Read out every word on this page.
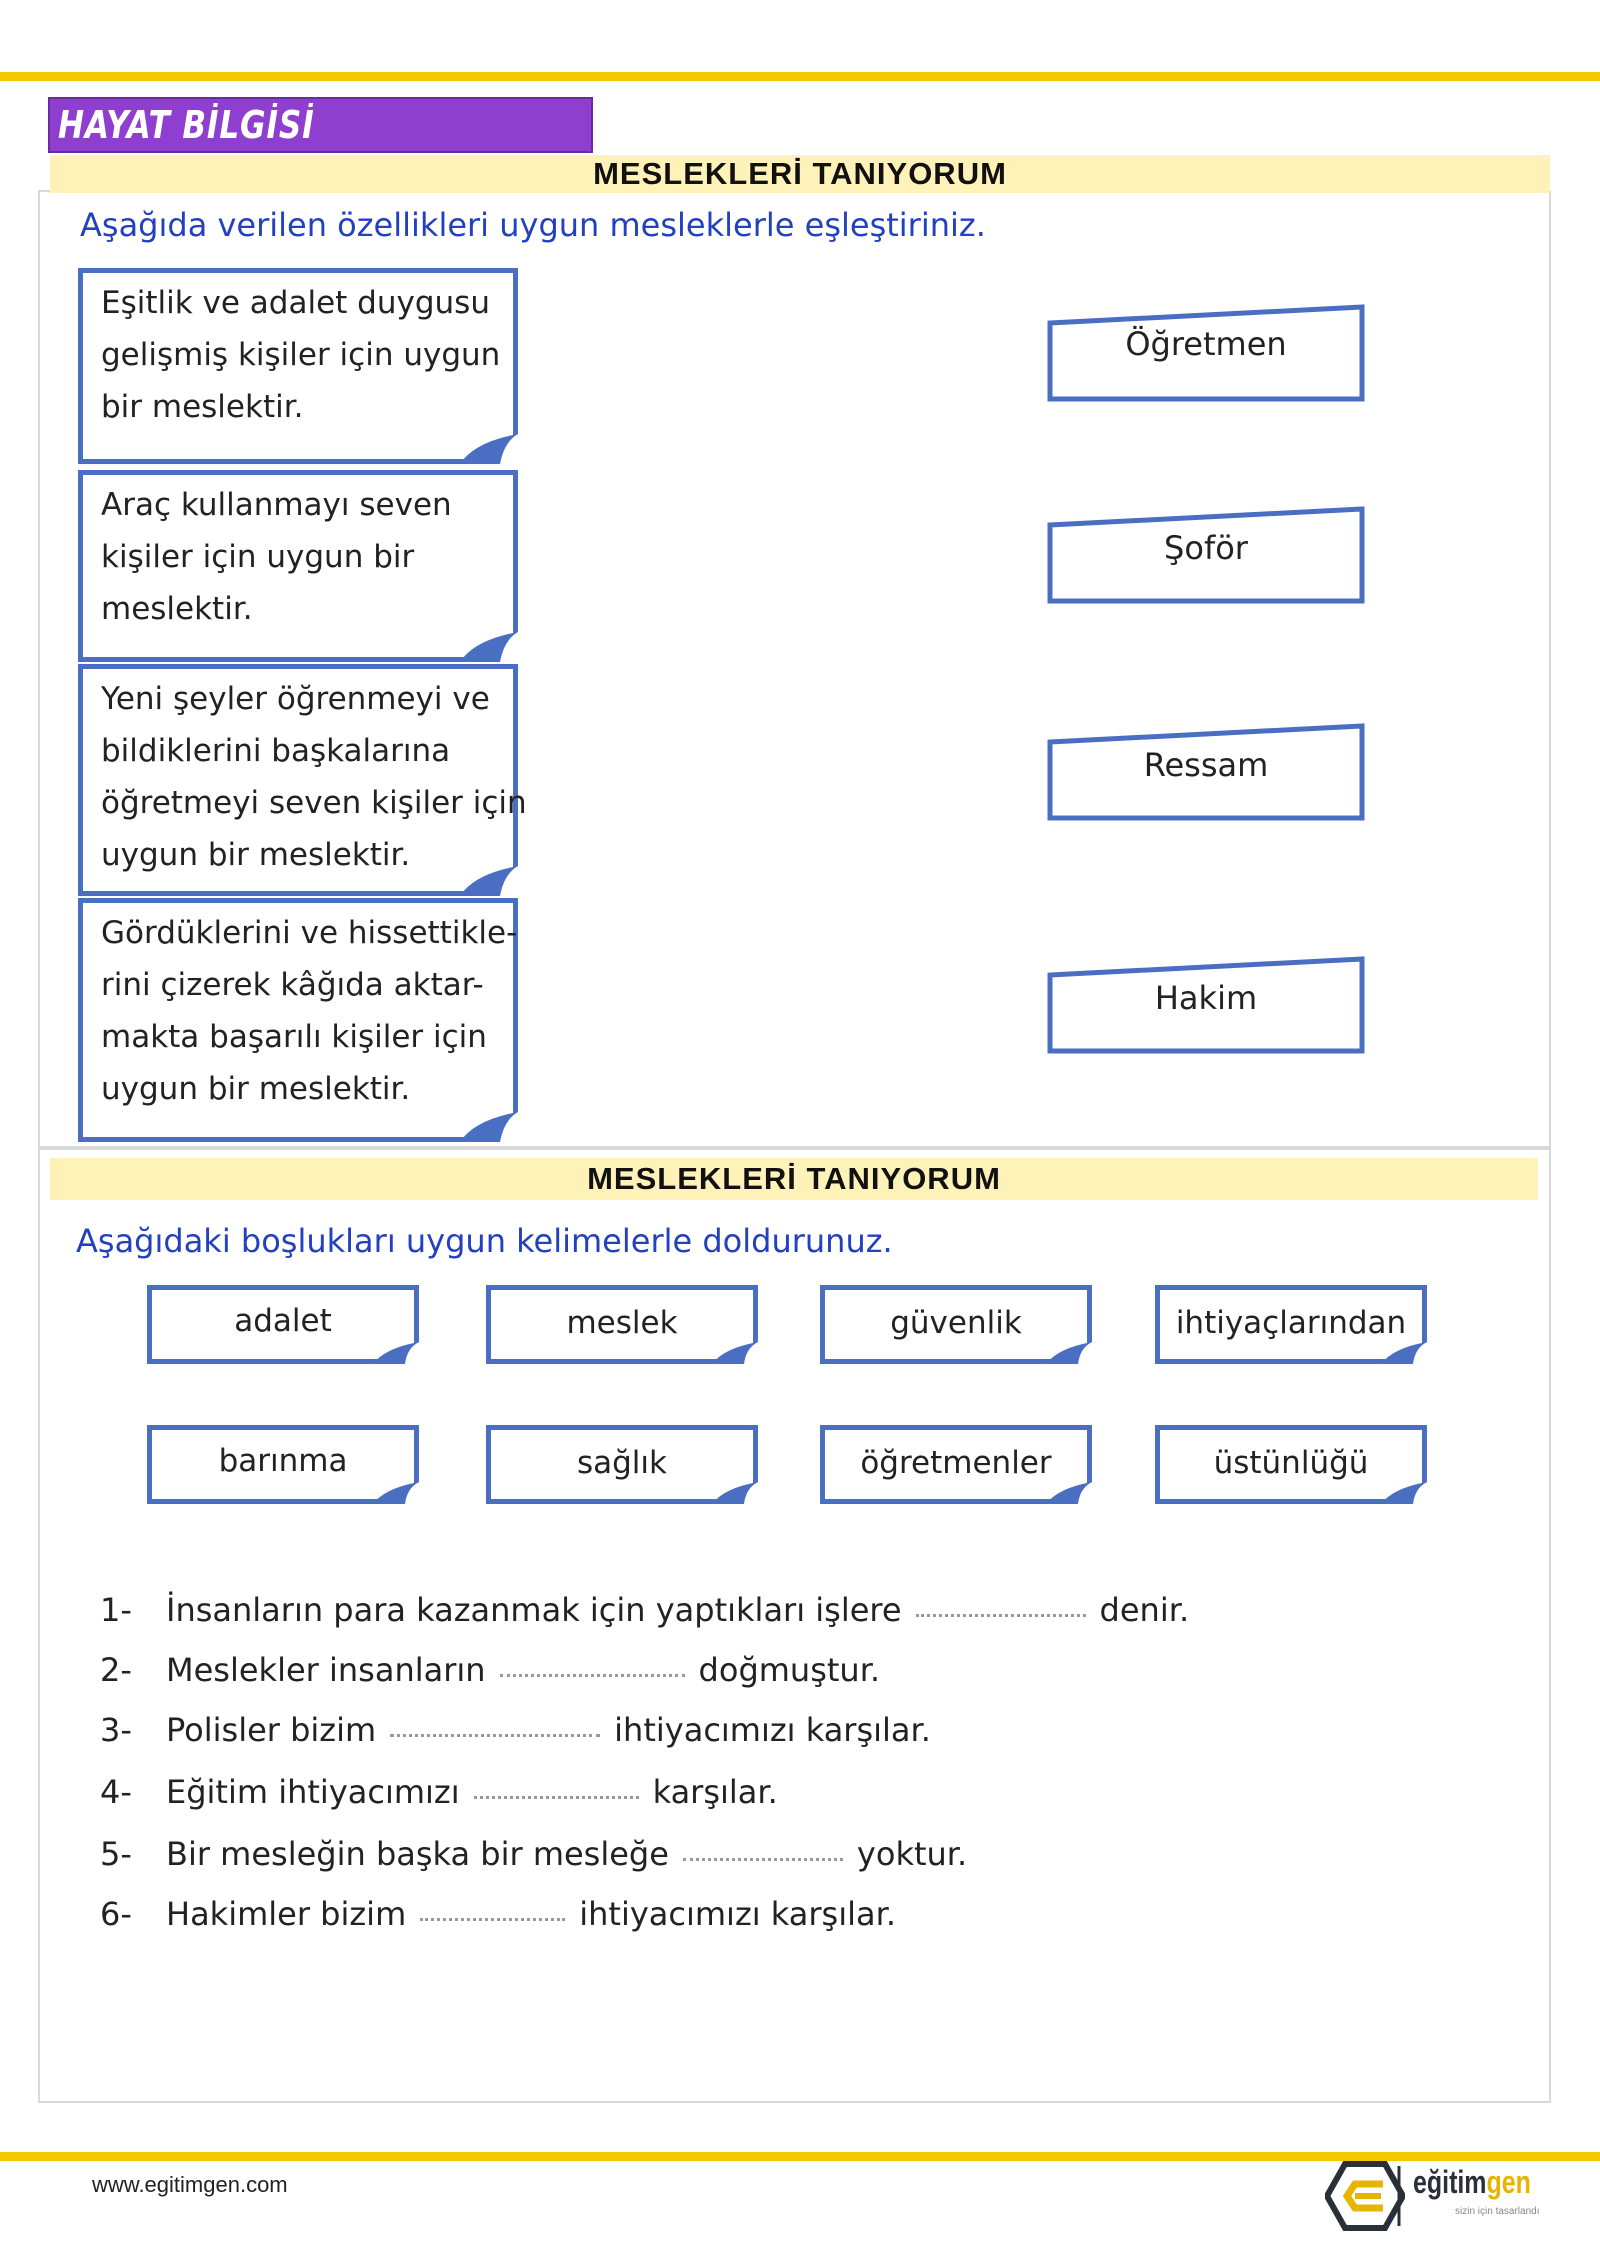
HAYAT BİLGİSİ
MESLEKLERİ TANIYORUM
Aşağıda verilen özellikleri uygun mesleklerle eşleştiriniz.
Eşitlik ve adalet duygusu
gelişmiş kişiler için uygun
bir meslektir.
Araç kullanmayı seven
kişiler için uygun bir
meslektir.
Yeni şeyler öğrenmeyi ve
bildiklerini başkalarına
öğretmeyi seven kişiler için
uygun bir meslektir.
Gördüklerini ve hissettikle-
rini çizerek kâğıda aktar-
makta başarılı kişiler için
uygun bir meslektir.
Öğretmen
Şoför
Ressam
Hakim
MESLEKLERİ TANIYORUM
Aşağıdaki boşlukları uygun kelimelerle doldurunuz.
adalet	meslek	güvenlik	ihtiyaçlarından
barınma	sağlık	öğretmenler	üstünlüğü
1- İnsanların para kazanmak için yaptıkları işlere	denir.
2- Meslekler insanların	doğmuştur.
3- Polisler bizim	ihtiyacımızı karşılar.
4- Eğitim ihtiyacımızı	karşılar.
5- Bir mesleğin başka bir mesleğe	yoktur.
6- Hakimler bizim	ihtiyacımızı karşılar.
www.egitimgen.com	eğitimgen
sizin için tasarlandı
